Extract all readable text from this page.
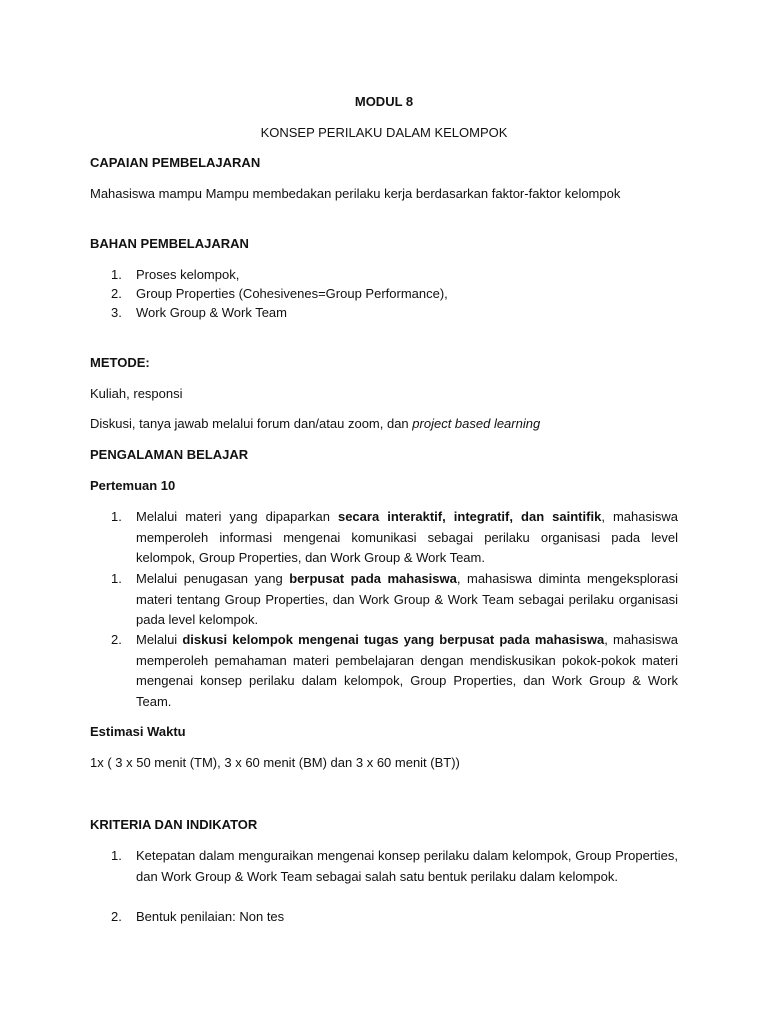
MODUL 8
KONSEP PERILAKU DALAM KELOMPOK
CAPAIAN PEMBELAJARAN
Mahasiswa mampu Mampu membedakan perilaku kerja berdasarkan faktor-faktor kelompok
BAHAN PEMBELAJARAN
1.	Proses kelompok,
2.	Group Properties (Cohesivenes=Group Performance),
3.	Work Group & Work Team
METODE:
Kuliah, responsi
Diskusi, tanya jawab melalui forum dan/atau zoom, dan project based learning
PENGALAMAN BELAJAR
Pertemuan 10
1.	Melalui materi yang dipaparkan secara interaktif, integratif, dan saintifik, mahasiswa memperoleh informasi mengenai komunikasi sebagai perilaku organisasi pada level kelompok, Group Properties, dan Work Group & Work Team.

1.	Melalui penugasan yang berpusat pada mahasiswa, mahasiswa diminta mengeksplorasi materi tentang Group Properties, dan Work Group & Work Team sebagai perilaku organisasi pada level kelompok.

2.	Melalui diskusi kelompok mengenai tugas yang berpusat pada mahasiswa, mahasiswa memperoleh pemahaman materi pembelajaran dengan mendiskusikan pokok-pokok materi mengenai konsep perilaku dalam kelompok, Group Properties, dan Work Group & Work Team.

Estimasi Waktu
1x ( 3 x 50 menit (TM), 3 x 60 menit (BM) dan 3 x 60 menit (BT))
KRITERIA DAN INDIKATOR
1.	Ketepatan dalam menguraikan mengenai konsep perilaku dalam kelompok, Group Properties, dan Work Group & Work Team sebagai salah satu bentuk perilaku dalam kelompok.

2.	Bentuk penilaian: Non tes
